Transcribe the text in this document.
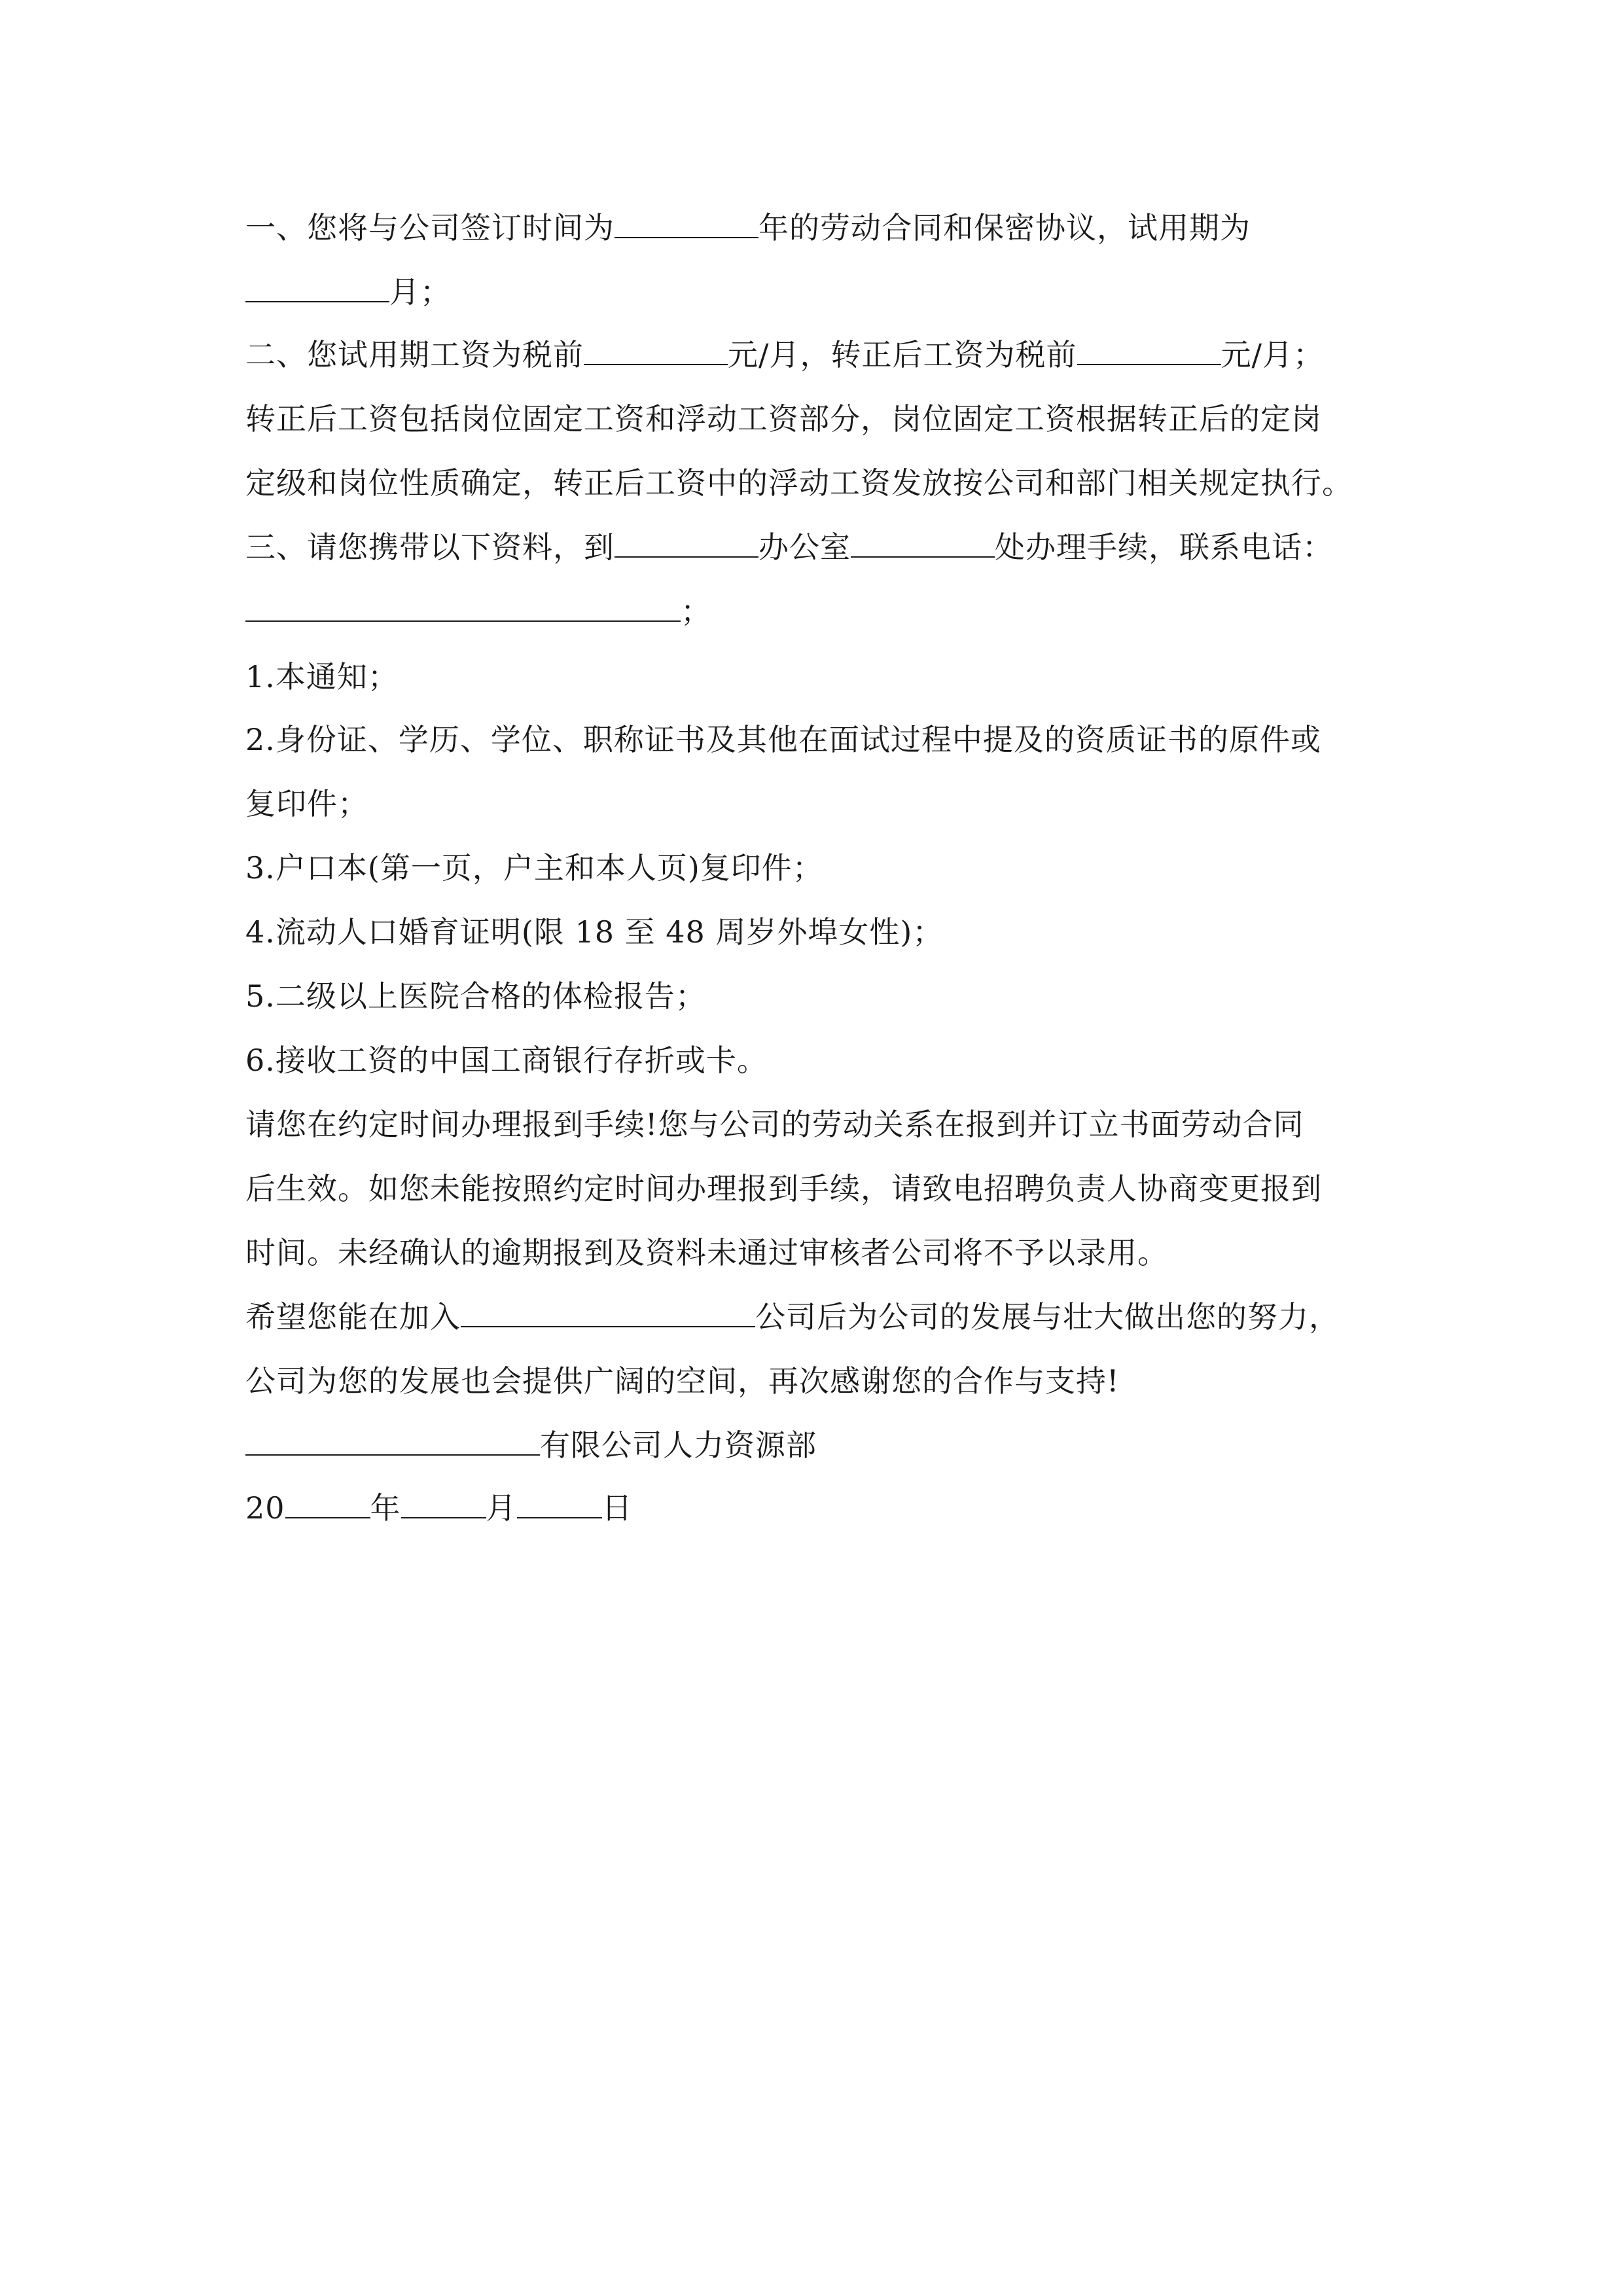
一、您将与公司签订时间为	年的劳动合同和保密协议，试用期为
月；
二、您试用期工资为税前	元/月，转正后工资为税前	元/月；
转正后工资包括岗位固定工资和浮动工资部分，岗位固定工资根据转正后的定岗
定级和岗位性质确定，转正后工资中的浮动工资发放按公司和部门相关规定执行。
三、请您携带以下资料，到	办公室	处办理手续，联系电话：
；
1.本通知；
2.身份证、学历、学位、职称证书及其他在面试过程中提及的资质证书的原件或
复印件；
3.户口本(第一页，户主和本人页)复印件；
4.流动人口婚育证明(限 18 至 48 周岁外埠女性)；
5.二级以上医院合格的体检报告；
6.接收工资的中国工商银行存折或卡。
请您在约定时间办理报到手续!您与公司的劳动关系在报到并订立书面劳动合同
后生效。如您未能按照约定时间办理报到手续，请致电招聘负责人协商变更报到
时间。未经确认的逾期报到及资料未通过审核者公司将不予以录用。
希望您能在加入	公司后为公司的发展与壮大做出您的努力，
公司为您的发展也会提供广阔的空间，再次感谢您的合作与支持!
有限公司人力资源部
20	年	月	日
